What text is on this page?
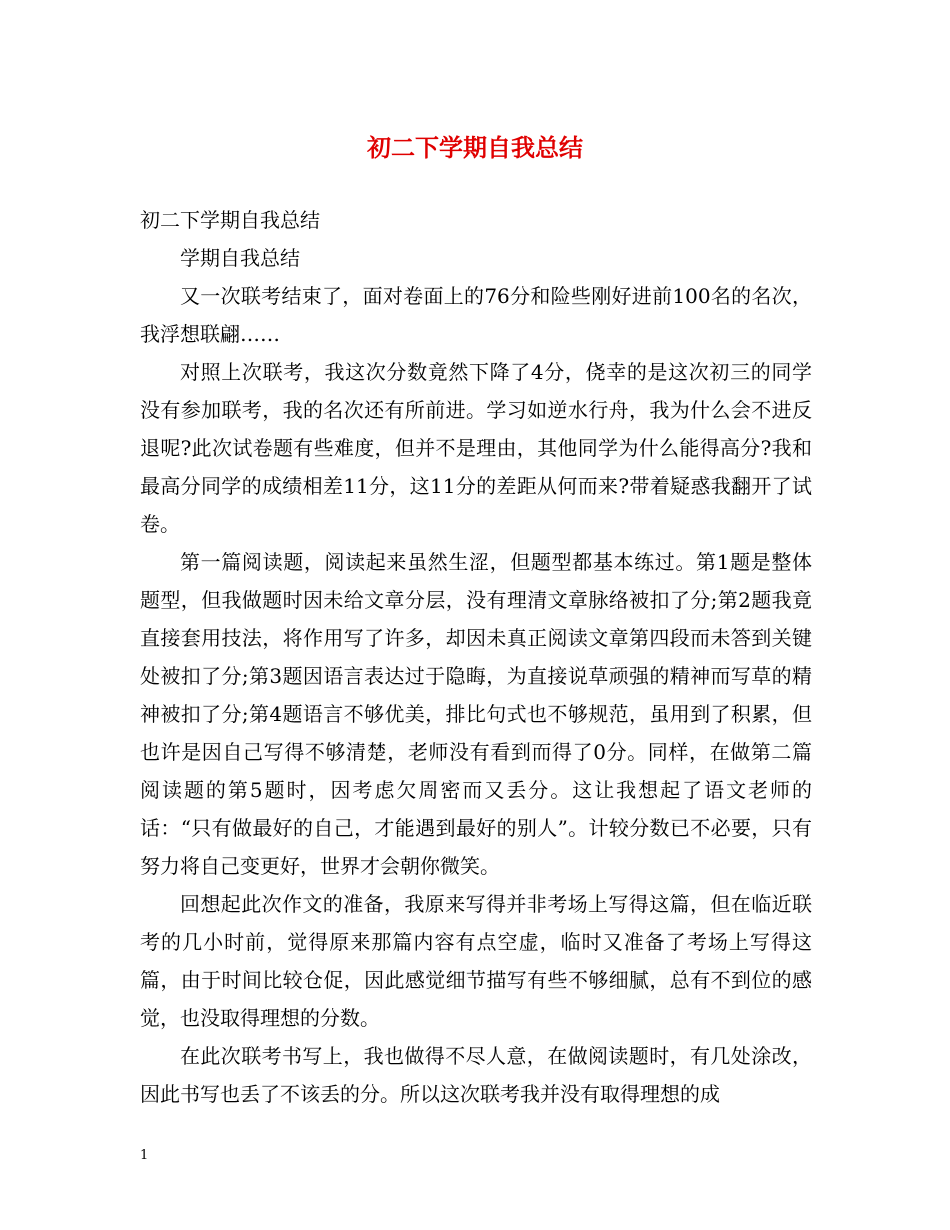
初二下学期自我总结

初二下学期自我总结

学期自我总结

又一次联考结束了，面对卷面上的76分和险些刚好进前100名的名次，我浮想联翩……

对照上次联考，我这次分数竟然下降了4分，侥幸的是这次初三的同学没有参加联考，我的名次还有所前进。学习如逆水行舟，我为什么会不进反退呢?此次试卷题有些难度，但并不是理由，其他同学为什么能得高分?我和最高分同学的成绩相差11分，这11分的差距从何而来?带着疑惑我翻开了试卷。

第一篇阅读题，阅读起来虽然生涩，但题型都基本练过。第1题是整体题型，但我做题时因未给文章分层，没有理清文章脉络被扣了分;第2题我竟直接套用技法，将作用写了许多，却因未真正阅读文章第四段而未答到关键处被扣了分;第3题因语言表达过于隐晦，为直接说草顽强的精神而写草的精神被扣了分;第4题语言不够优美，排比句式也不够规范，虽用到了积累，但也许是因自己写得不够清楚，老师没有看到而得了0分。同样，在做第二篇阅读题的第5题时，因考虑欠周密而又丢分。这让我想起了语文老师的话：“只有做最好的自己，才能遇到最好的别人”。计较分数已不必要，只有努力将自己变更好，世界才会朝你微笑。

回想起此次作文的准备，我原来写得并非考场上写得这篇，但在临近联考的几小时前，觉得原来那篇内容有点空虚，临时又准备了考场上写得这篇，由于时间比较仓促，因此感觉细节描写有些不够细腻，总有不到位的感觉，也没取得理想的分数。

在此次联考书写上，我也做得不尽人意，在做阅读题时，有几处涂改，因此书写也丢了不该丢的分。所以这次联考我并没有取得理想的成

1
